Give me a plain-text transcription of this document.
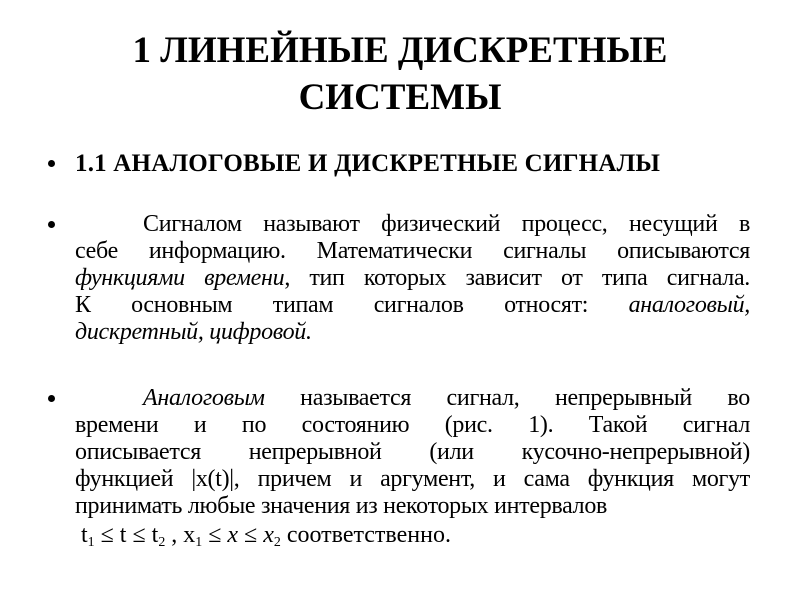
1 ЛИНЕЙНЫЕ ДИСКРЕТНЫЕ
СИСТЕМЫ
1.1 АНАЛОГОВЫЕ И ДИСКРЕТНЫЕ СИГНАЛЫ
Сигналом называют физический процесс, несущий в
себе информацию. Математически сигналы описываются
функциями времени, тип которых зависит от типа сигнала.
К основным типам сигналов относят: аналоговый,
дискретный, цифровой.
Аналоговым называется сигнал, непрерывный во
времени и по состоянию (рис. 1). Такой сигнал
описывается непрерывной (или кусочно-непрерывной)
функцией |x(t)|, причем и аргумент, и сама функция могут
принимать любые значения из некоторых интервалов
t1 ≤ t ≤ t2 , x1 ≤ x ≤ x2 соответственно.
